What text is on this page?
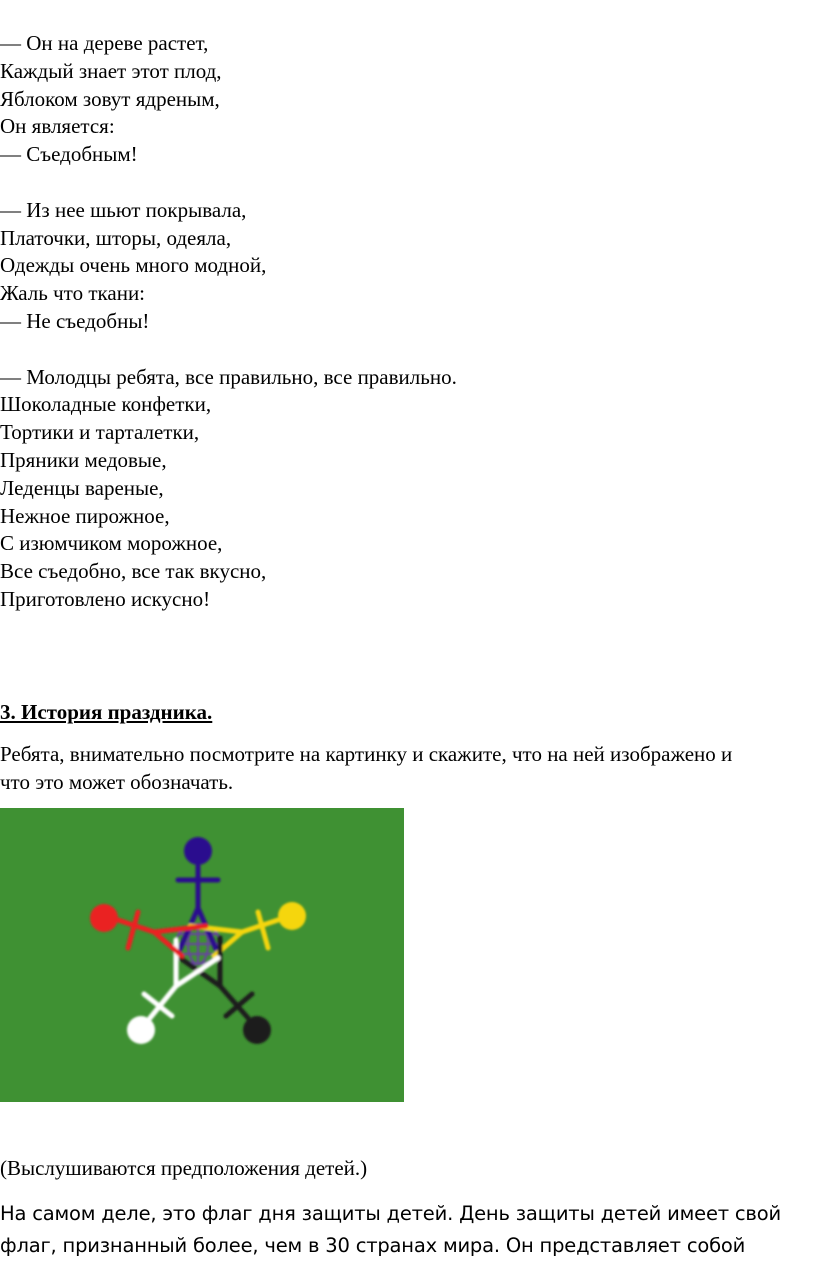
— Он на дереве растет,
Каждый знает этот плод,
Яблоком зовут ядреным,
Он является:
— Съедобным!
— Из нее шьют покрывала,
Платочки, шторы, одеяла,
Одежды очень много модной,
Жаль что ткани:
— Не съедобны!
— Молодцы ребята, все правильно, все правильно.
Шоколадные конфетки,
Тортики и тарталетки,
Пряники медовые,
Леденцы вареные,
Нежное пирожное,
С изюмчиком морожное,
Все съедобно, все так вкусно,
Приготовлено искусно!
3. История праздника.
Ребята, внимательно посмотрите на картинку и скажите, что на ней изображено и что это может обозначать.
(Выслушиваются предположения детей.)
На самом деле, это флаг дня защиты детей. День защиты детей имеет свой флаг, признанный более, чем в 30 странах мира. Он представляет собой
